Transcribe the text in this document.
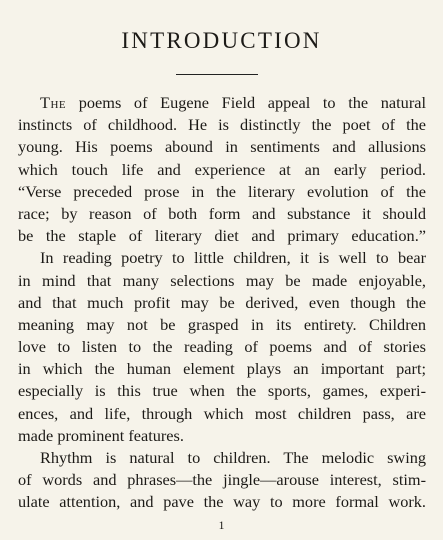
INTRODUCTION

The poems of Eugene Field appeal to the natural
instincts of childhood. He is distinctly the poet of the
young. His poems abound in sentiments and allusions
which touch life and experience at an early period.
“Verse preceded prose in the literary evolution of the
race; by reason of both form and substance it should
be the staple of literary diet and primary education.”

In reading poetry to little children, it is well to bear
in mind that many selections may be made enjoyable,
and that much profit may be derived, even though the
meaning may not be grasped in its entirety. Children
love to listen to the reading of poems and of stories
in which the human element plays an important part;
especially is this true when the sports, games, experi-
ences, and life, through which most children pass, are
made prominent features.

Rhythm is natural to children. The melodic swing
of words and phrases—the jingle—arouse interest, stim-
ulate attention, and pave the way to more formal work.

1
